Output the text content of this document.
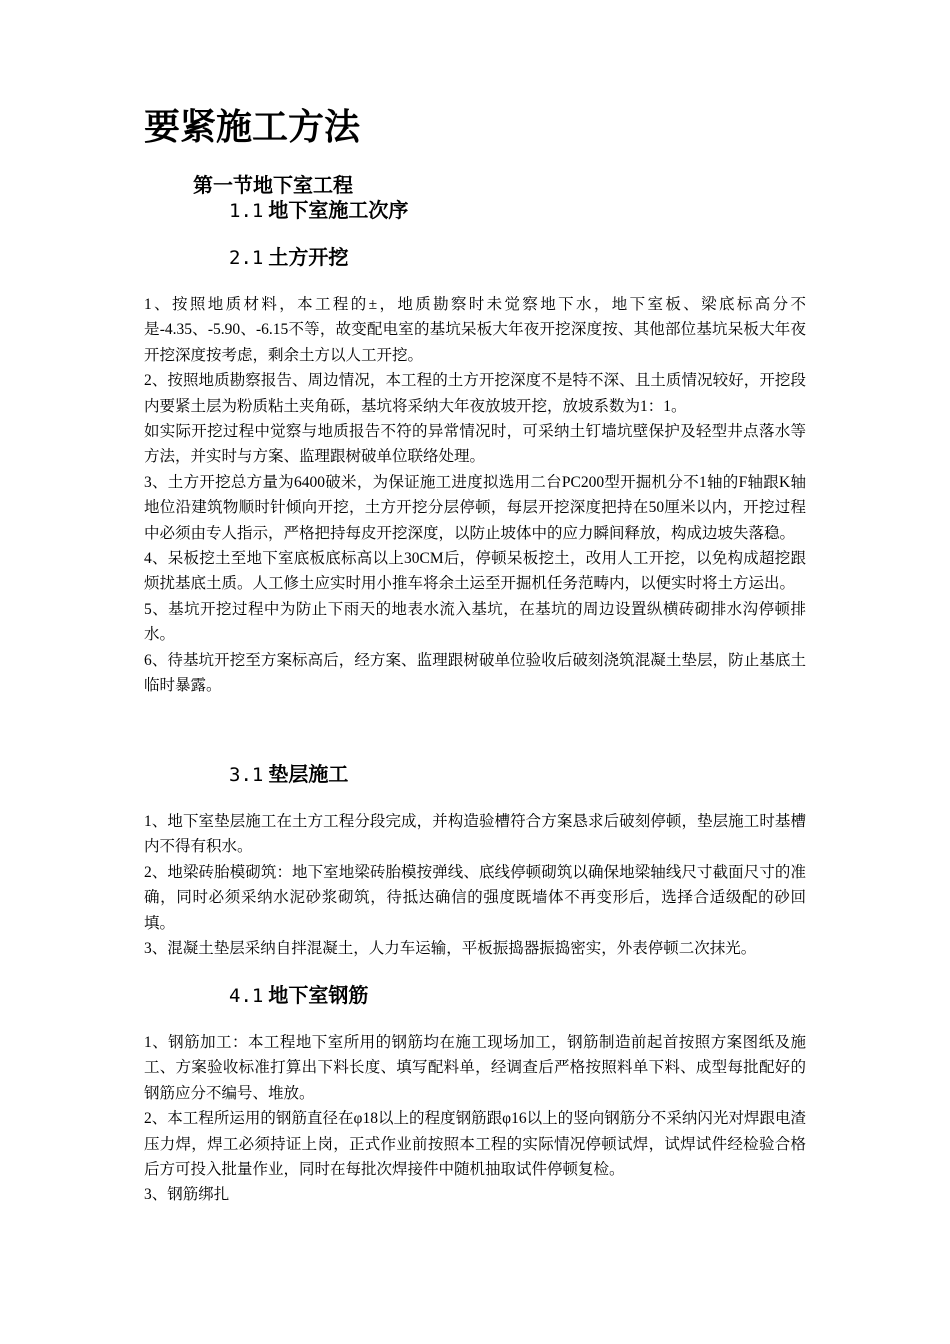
要紧施工方法
第一节地下室工程
1.1 地下室施工次序
2.1 土方开挖

1、按照地质材料，本工程的±，地质勘察时未觉察地下水，地下室板、梁底标高分不是-4.35、-5.90、-6.15不等，故变配电室的基坑呆板大年夜开挖深度按、其他部位基坑呆板大年夜开挖深度按考虑，剩余土方以人工开挖。

2、按照地质勘察报告、周边情况，本工程的土方开挖深度不是特不深、且土质情况较好，开挖段内要紧土层为粉质粘土夹角砾，基坑将采纳大年夜放坡开挖，放坡系数为1：1。

如实际开挖过程中觉察与地质报告不符的异常情况时，可采纳土钉墙坑壁保护及轻型井点落水等方法，并实时与方案、监理跟树破单位联络处理。

3、土方开挖总方量为6400破米，为保证施工进度拟选用二台PC200型开掘机分不1轴的F轴跟K轴地位沿建筑物顺时针倾向开挖，土方开挖分层停顿，每层开挖深度把持在50厘米以内，开挖过程中必须由专人指示，严格把持每皮开挖深度，以防止坡体中的应力瞬间释放，构成边坡失落稳。

4、呆板挖土至地下室底板底标高以上30CM后，停顿呆板挖土，改用人工开挖，以免构成超挖跟烦扰基底土质。人工修土应实时用小推车将余土运至开掘机任务范畴内，以便实时将土方运出。

5、基坑开挖过程中为防止下雨天的地表水流入基坑，在基坑的周边设置纵横砖砌排水沟停顿排水。

6、待基坑开挖至方案标高后，经方案、监理跟树破单位验收后破刻浇筑混凝土垫层，防止基底土临时暴露。

3.1 垫层施工

1、地下室垫层施工在土方工程分段完成，并构造验槽符合方案恳求后破刻停顿，垫层施工时基槽内不得有积水。

2、地梁砖胎模砌筑：地下室地梁砖胎模按弹线、底线停顿砌筑以确保地梁轴线尺寸截面尺寸的准确，同时必须采纳水泥砂浆砌筑，待抵达确信的强度既墙体不再变形后，选择合适级配的砂回填。

3、混凝土垫层采纳自拌混凝土，人力车运输，平板振捣器振捣密实，外表停顿二次抹光。

4.1 地下室钢筋

1、钢筋加工：本工程地下室所用的钢筋均在施工现场加工，钢筋制造前起首按照方案图纸及施工、方案验收标准打算出下料长度、填写配料单，经调查后严格按照料单下料、成型每批配好的钢筋应分不编号、堆放。

2、本工程所运用的钢筋直径在φ18以上的程度钢筋跟φ16以上的竖向钢筋分不采纳闪光对焊跟电渣压力焊，焊工必须持证上岗，正式作业前按照本工程的实际情况停顿试焊，试焊试件经检验合格后方可投入批量作业，同时在每批次焊接件中随机抽取试件停顿复检。

3、钢筋绑扎
